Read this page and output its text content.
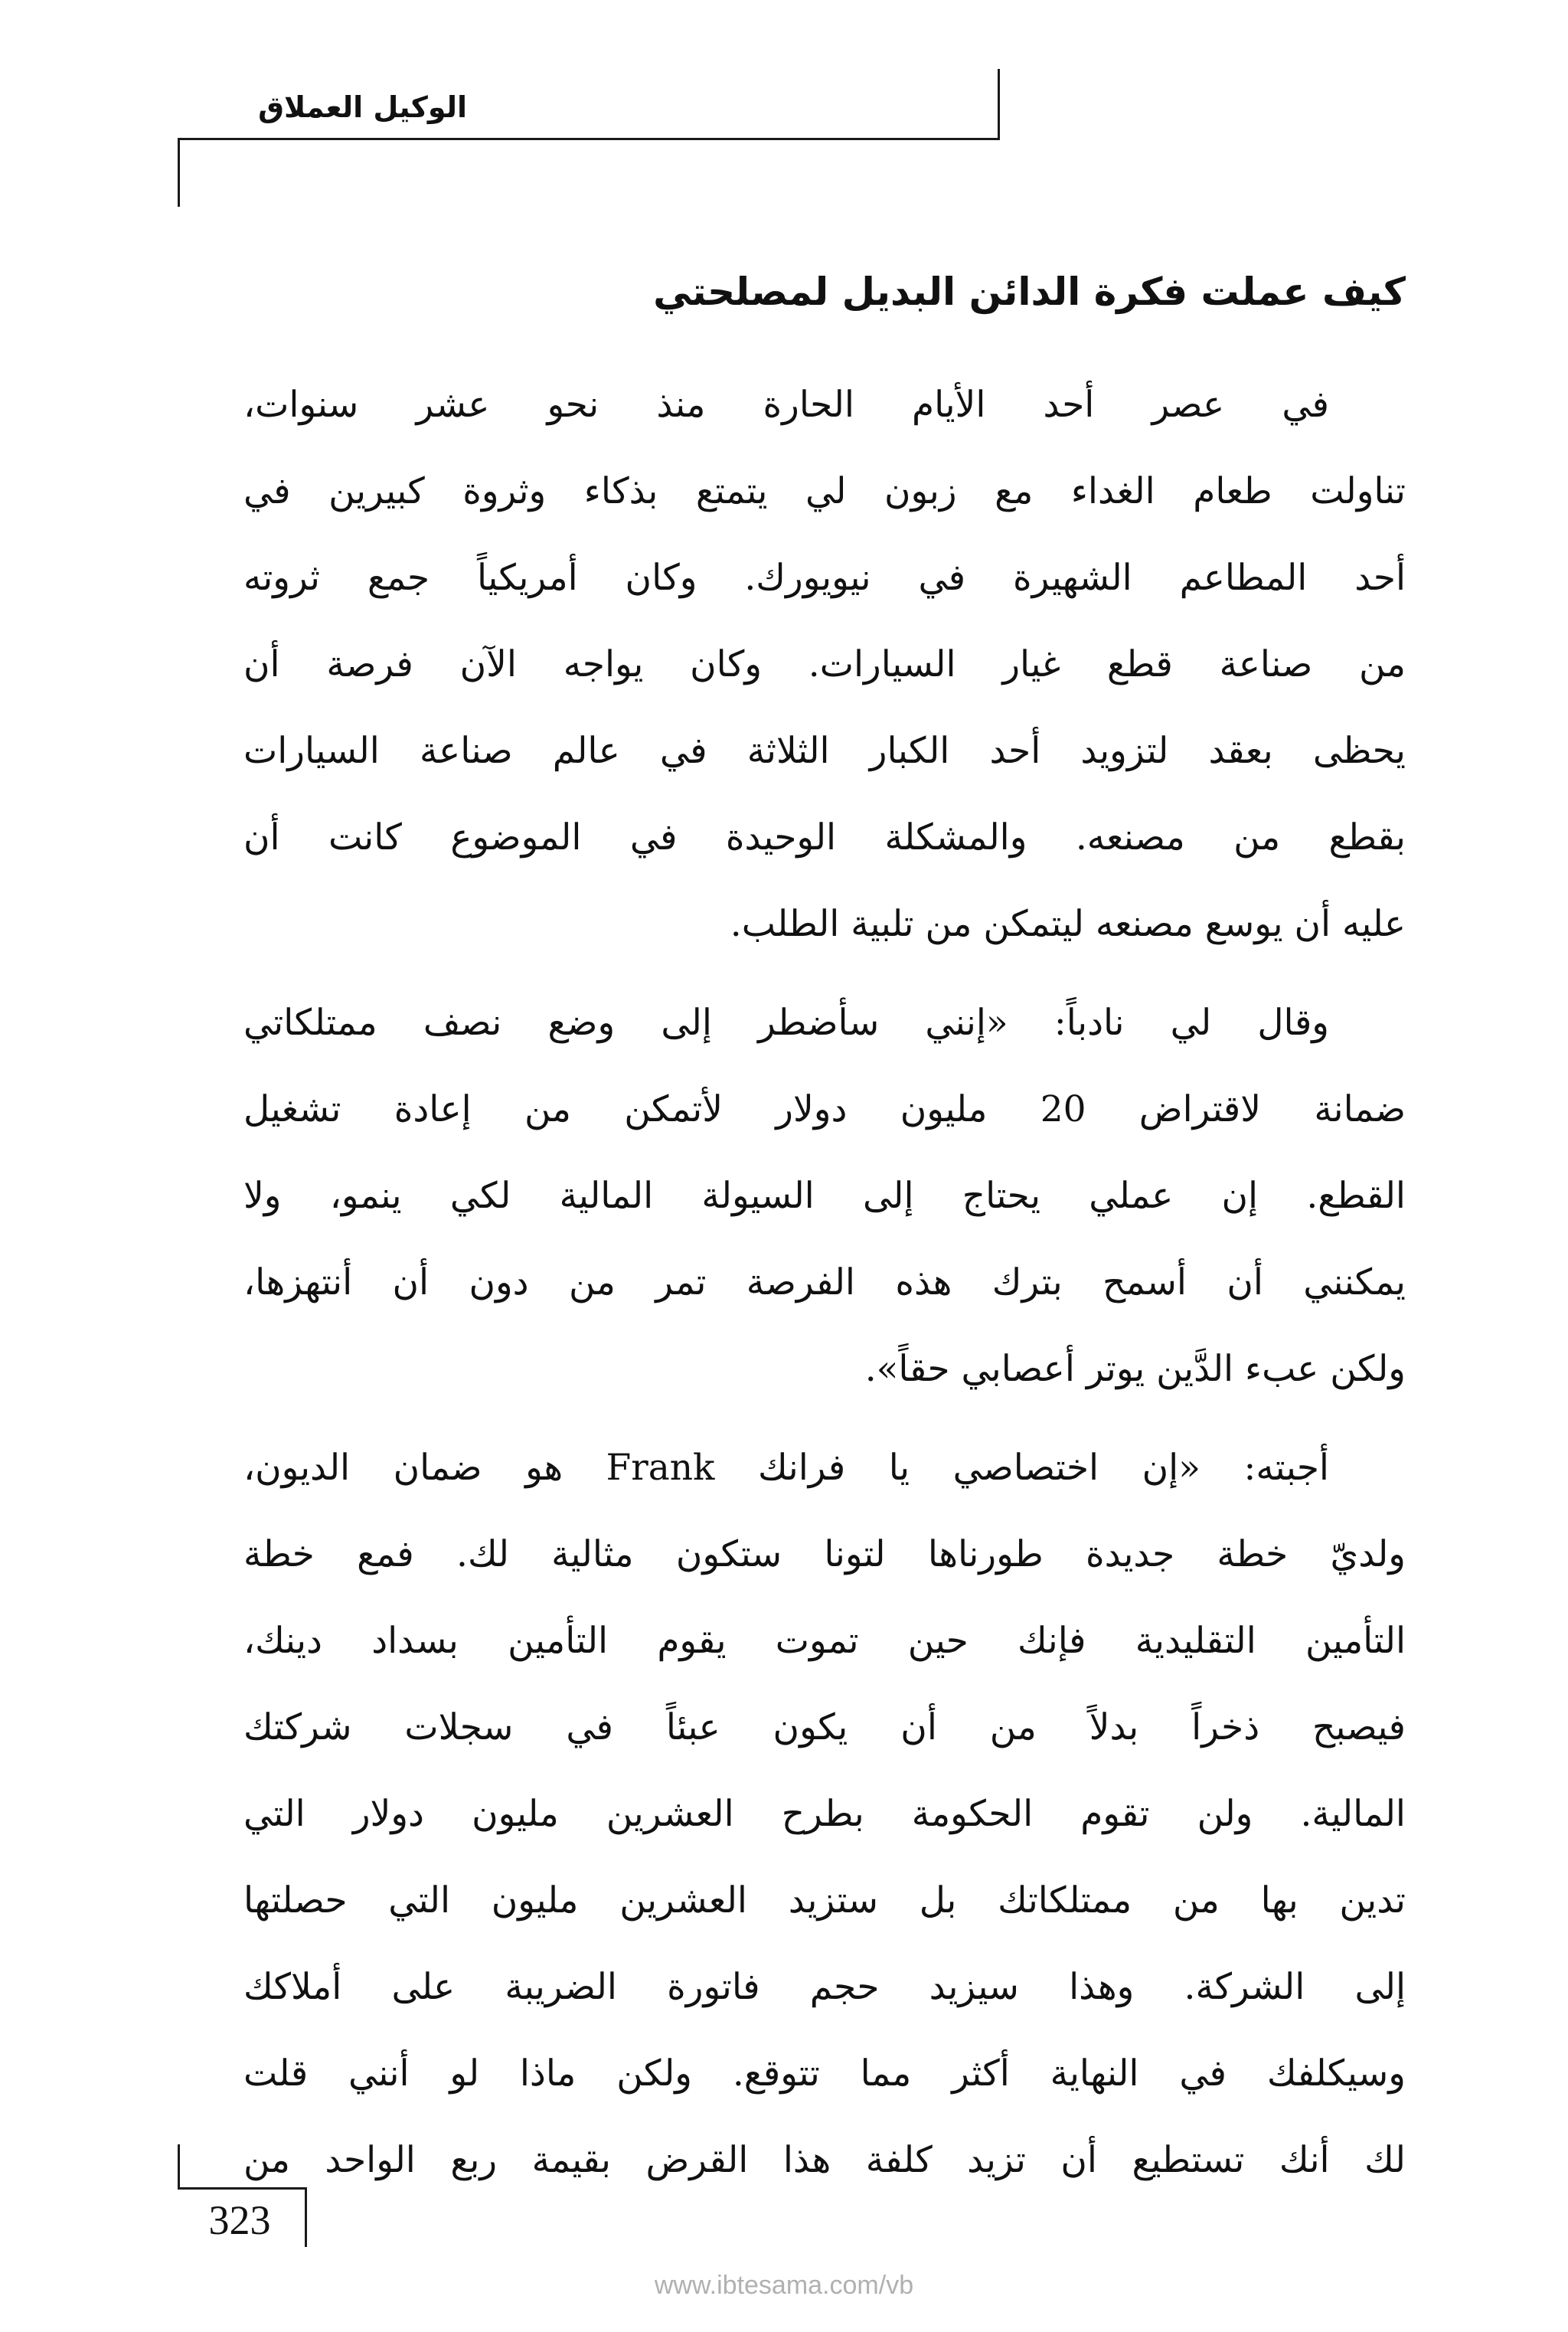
الوكيل العملاق
كيف عملت فكرة الدائن البديل لمصلحتي

في عصر أحد الأيام الحارة منذ نحو عشر سنوات،
تناولت طعام الغداء مع زبون لي يتمتع بذكاء وثروة كبيرين في
أحد المطاعم الشهيرة في نيويورك. وكان أمريكياً جمع ثروته
من صناعة قطع غيار السيارات. وكان يواجه الآن فرصة أن
يحظى بعقد لتزويد أحد الكبار الثلاثة في عالم صناعة السيارات
بقطع من مصنعه. والمشكلة الوحيدة في الموضوع كانت أن
عليه أن يوسع مصنعه ليتمكن من تلبية الطلب.

وقال لي نادباً: «إنني سأضطر إلى وضع نصف ممتلكاتي
ضمانة لاقتراض 20 مليون دولار لأتمكن من إعادة تشغيل
القطع. إن عملي يحتاج إلى السيولة المالية لكي ينمو، ولا
يمكنني أن أسمح بترك هذه الفرصة تمر من دون أن أنتهزها،
ولكن عبء الدَّين يوتر أعصابي حقاً».

أجبته: «إن اختصاصي يا فرانك Frank هو ضمان الديون،
ولديّ خطة جديدة طورناها لتونا ستكون مثالية لك. فمع خطة
التأمين التقليدية فإنك حين تموت يقوم التأمين بسداد دينك،
فيصبح ذخراً بدلاً من أن يكون عبئاً في سجلات شركتك
المالية. ولن تقوم الحكومة بطرح العشرين مليون دولار التي
تدين بها من ممتلكاتك بل ستزيد العشرين مليون التي حصلتها
إلى الشركة. وهذا سيزيد حجم فاتورة الضريبة على أملاكك
وسيكلفك في النهاية أكثر مما تتوقع. ولكن ماذا لو أنني قلت
لك أنك تستطيع أن تزيد كلفة هذا القرض بقيمة ربع الواحد من

323
www.ibtesama.com/vb
